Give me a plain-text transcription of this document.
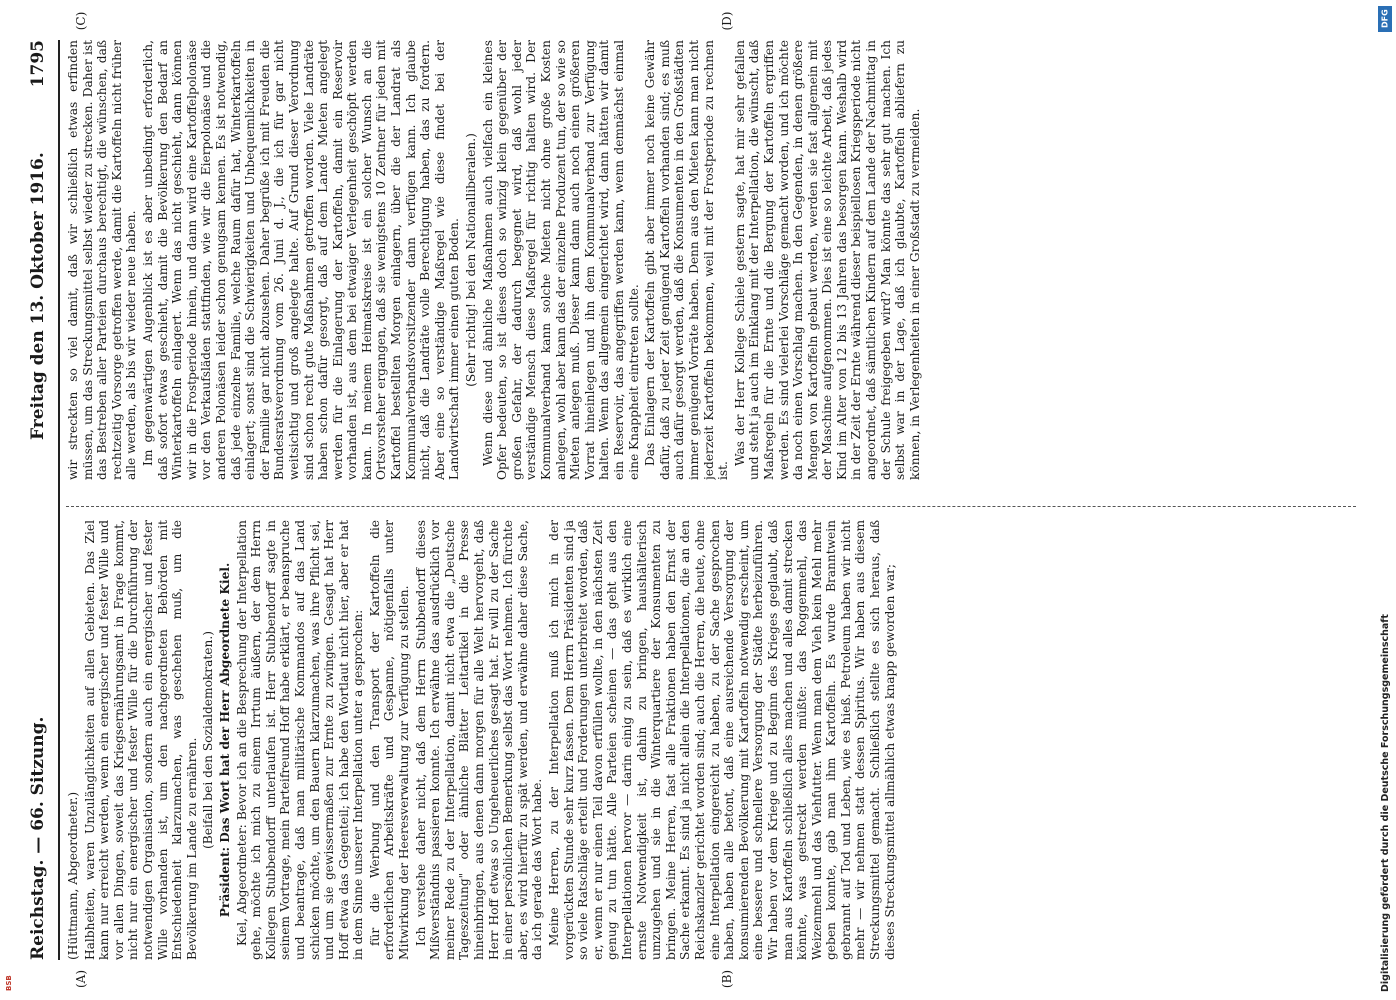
Reichstag. — 66. Sitzung.
Freitag den 13. Oktober 1916.
1795
(A)	(B)
(C)	(D)

(Hüttmann, Abgeordneter.) Halbheiten, waren Unzulänglichkeiten auf allen Gebieten. Das Ziel kann nur erreicht werden, wenn ein energischer und fester Wille und vor allen Dingen, soweit das Kriegsernährungsamt in Frage kommt, nicht nur ein energischer und fester Wille für die Durchführung der notwendigen Organisation, sondern auch ein energischer und fester Wille vorhanden ist, um den nachgeordneten Behörden mit Entschiedenheit klarzumachen, was geschehen muß, um die Bevölkerung im Lande zu ernähren. (Beifall bei den Sozialdemokraten.) Präsident: Das Wort hat der Herr Abgeordnete Kiel. Kiel, Abgeordneter: Bevor ich an die Besprechung der Interpellation gehe, möchte ich mich zu einem Irrtum äußern, der dem Herrn Kollegen Stubbendorff unterlaufen ist. Herr Stubbendorff sagte in seinem Vortrage, mein Parteifreund Hoff habe erklärt, er beanspruche und beantrage, daß man militärische Kommandos auf das Land schicken möchte, um den Bauern klarzumachen, was ihre Pflicht sei, und um sie gewissermaßen zur Ernte zu zwingen. Gesagt hat Herr Hoff etwa das Gegenteil; ich habe den Wortlaut nicht hier, aber er hat in dem Sinne unserer Interpellation unter a gesprochen: für die Werbung und den Transport der Kartoffeln die erforderlichen Arbeitskräfte und Gespanne, nötigenfalls unter Mitwirkung der Heeresverwaltung zur Verfügung zu stellen. Ich verstehe daher nicht, daß dem Herrn Stubbendorff dieses Mißverständnis passieren konnte. Ich erwähne das ausdrücklich vor meiner Rede zu der Interpellation, damit nicht etwa die „Deutsche Tageszeitung" oder ähnliche Blätter Leitartikel in die Presse hineinbringen, aus denen dann morgen für alle Welt hervorgeht, daß Herr Hoff etwas so Ungeheuerliches gesagt hat. Er will zu der Sache in einer persönlichen Bemerkung selbst das Wort nehmen. Ich fürchte aber, es wird hierfür zu spät werden, und erwähne daher diese Sache, da ich gerade das Wort habe. Meine Herren, zu der Interpellation muß ich mich in der vorgerückten Stunde sehr kurz fassen. Dem Herrn Präsidenten sind ja so viele Ratschläge erteilt und Forderungen unterbreitet worden, daß er, wenn er nur einen Teil davon erfüllen wollte, in den nächsten Zeit genug zu tun hätte. Alle Parteien scheinen — das geht aus den Interpellationen hervor — darin einig zu sein, daß es wirklich eine ernste Notwendigkeit ist, dahin zu bringen, haushälterisch umzugehen und sie in die Winterquartiere der Konsumenten zu bringen. Meine Herren, fast alle Fraktionen haben den Ernst der Sache erkannt. Es sind ja nicht allein die Interpellationen, die an den Reichskanzler gerichtet worden sind; auch die Herren, die heute, ohne eine Interpellation eingereicht zu haben, zu der Sache gesprochen haben, haben alle betont, daß eine ausreichende Versorgung der konsumierenden Bevölkerung mit Kartoffeln notwendig erscheint, um eine bessere und schnellere Versorgung der Städte herbeizuführen. Wir haben vor dem Kriege und zu Beginn des Krieges geglaubt, daß man aus Kartoffeln schließlich alles machen und alles damit strecken könnte, was gestreckt werden müßte: das Roggenmehl, das Weizenmehl und das Viehfutter. Wenn man dem Vieh kein Mehl mehr geben konnte, gab man ihm Kartoffeln. Es wurde Branntwein gebrannt auf Tod und Leben, wie es hieß. Petroleum haben wir nicht mehr — wir nehmen statt dessen Spiritus. Wir haben aus diesem Streckungsmittel gemacht. Schließlich stellte es sich heraus, daß dieses Streckungsmittel allmählich etwas knapp geworden war;

wir streckten so viel damit, daß wir schließlich etwas erfinden müssen, um das Streckungsmittel selbst wieder zu strecken. Daher ist das Bestreben aller Parteien durchaus berechtigt, die wünschen, daß rechtzeitig Vorsorge getroffen werde, damit die Kartoffeln nicht früher alle werden, als bis wir wieder neue haben. Im gegenwärtigen Augenblick ist es aber unbedingt erforderlich, daß sofort etwas geschieht, damit die Bevölkerung den Bedarf an Winterkartoffeln einlagert. Wenn das nicht geschieht, dann können wir in die Frostperiode hinein, und dann wird eine Kartoffelpolonäse vor den Verkaufsläden stattfinden, wie wir die Eierpolonäse und die anderen Polonäsen leider schon genugsam kennen. Es ist notwendig, daß jede einzelne Familie, welche Raum dafür hat, Winterkartoffeln einlagert; sonst sind die Schwierigkeiten und Unbequemlichkeiten in der Familie gar nicht abzusehen. Daher begrüße ich mit Freuden die Bundesratsverordnung vom 26. Juni d. J., die ich für gar nicht weitsichtig und groß angelegte halte. Auf Grund dieser Verordnung sind schon recht gute Maßnahmen getroffen worden. Viele Landräte haben schon dafür gesorgt, daß auf dem Lande Mieten angelegt werden für die Einlagerung der Kartoffeln, damit ein Reservoir vorhanden ist, aus dem bei etwaiger Verlegenheit geschöpft werden kann. In meinem Heimatskreise ist ein solcher Wunsch an die Ortsvorsteher ergangen, daß sie wenigstens 10 Zentner für jeden mit Kartoffel bestellten Morgen einlagern, über die der Landrat als Kommunalverbandsvorsitzender dann verfügen kann. Ich glaube nicht, daß die Landräte volle Berechtigung haben, das zu fordern. Aber eine so verständige Maßregel wie diese findet bei der Landwirtschaft immer einen guten Boden. (Sehr richtig! bei den Nationalliberalen.) Wenn diese und ähnliche Maßnahmen auch vielfach ein kleines Opfer bedeuten, so ist dieses doch so winzig klein gegenüber der großen Gefahr, der dadurch begegnet wird, daß wohl jeder verständige Mensch diese Maßregel für richtig halten wird. Der Kommunalverband kann solche Mieten nicht ohne große Kosten anlegen, wohl aber kann das der einzelne Produzent tun, der so wie so Mieten anlegen muß. Dieser kann dann auch noch einen größeren Vorrat hineinlegen und ihn dem Kommunalverband zur Verfügung halten. Wenn das allgemein eingerichtet wird, dann hätten wir damit ein Reservoir, das angegriffen werden kann, wenn demnächst einmal eine Knappheit eintreten sollte. Das Einlagern der Kartoffeln gibt aber immer noch keine Gewähr dafür, daß zu jeder Zeit genügend Kartoffeln vorhanden sind; es muß auch dafür gesorgt werden, daß die Konsumenten in den Großstädten immer genügend Vorräte haben. Denn aus den Mieten kann man nicht jederzeit Kartoffeln bekommen, weil mit der Frostperiode zu rechnen ist.

Was der Herr Kollege Schiele gestern sagte, hat mir sehr gefallen und steht ja auch im Einklang mit der Interpellation, die wünscht, daß Maßregeln für die Ernte und die Bergung der Kartoffeln ergriffen werden. Es sind vielerlei Vorschläge gemacht worden, und ich möchte da noch einen Vorschlag machen. In den Gegenden, in denen größere Mengen von Kartoffeln gebaut werden, werden sie fast allgemein mit der Maschine aufgenommen. Dies ist eine so leichte Arbeit, daß jedes Kind im Alter von 12 bis 13 Jahren das besorgen kann. Weshalb wird in der Zeit der Ernte während dieser beispiellosen Kriegsperiode nicht angeordnet, daß sämtlichen Kindern auf dem Lande der Nachmittag in der Schule freigegeben wird? Man könnte das sehr gut machen. Ich selbst war in der Lage, daß ich glaubte, Kartoffeln abliefern zu können, in Verlegenheiten in einer Großstadt zu vermeiden.

DFG
BSB	Digitalisierung gefördert durch die Deutsche Forschungsgemeinschaft
